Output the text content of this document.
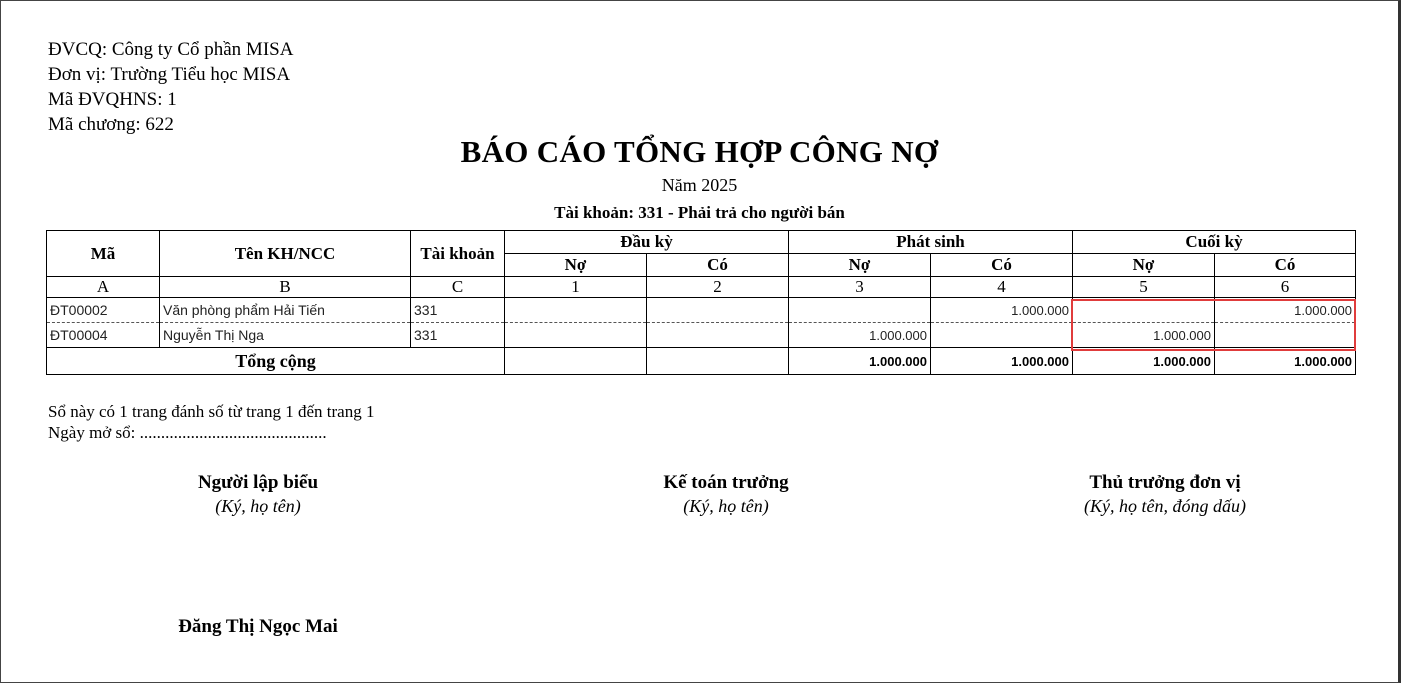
ĐVCQ: Công ty Cổ phần MISA
Đơn vị: Trường Tiểu học MISA
Mã ĐVQHNS: 1
Mã chương: 622
BÁO CÁO TỔNG HỢP CÔNG NỢ
Năm 2025
Tài khoản: 331 - Phải trả cho người bán
Mã	Tên KH/NCC	Tài khoản	Đầu kỳ		Phát sinh		Cuối kỳ	
			Nợ	Có	Nợ	Có	Nợ	Có
A	B	C	1	2	3	4	5	6
ĐT00002	Văn phòng phẩm Hải Tiến	331				1.000.000		1.000.000
ĐT00004	Nguyễn Thị Nga	331			1.000.000		1.000.000	
Tổng cộng					1.000.000	1.000.000	1.000.000	1.000.000
Sổ này có 1 trang đánh số từ trang 1 đến trang 1
Ngày mở sổ: ............................................
Người lập biểu
(Ký, họ tên)
Kế toán trưởng
(Ký, họ tên)
Thủ trưởng đơn vị
(Ký, họ tên, đóng dấu)
Đăng Thị Ngọc Mai
